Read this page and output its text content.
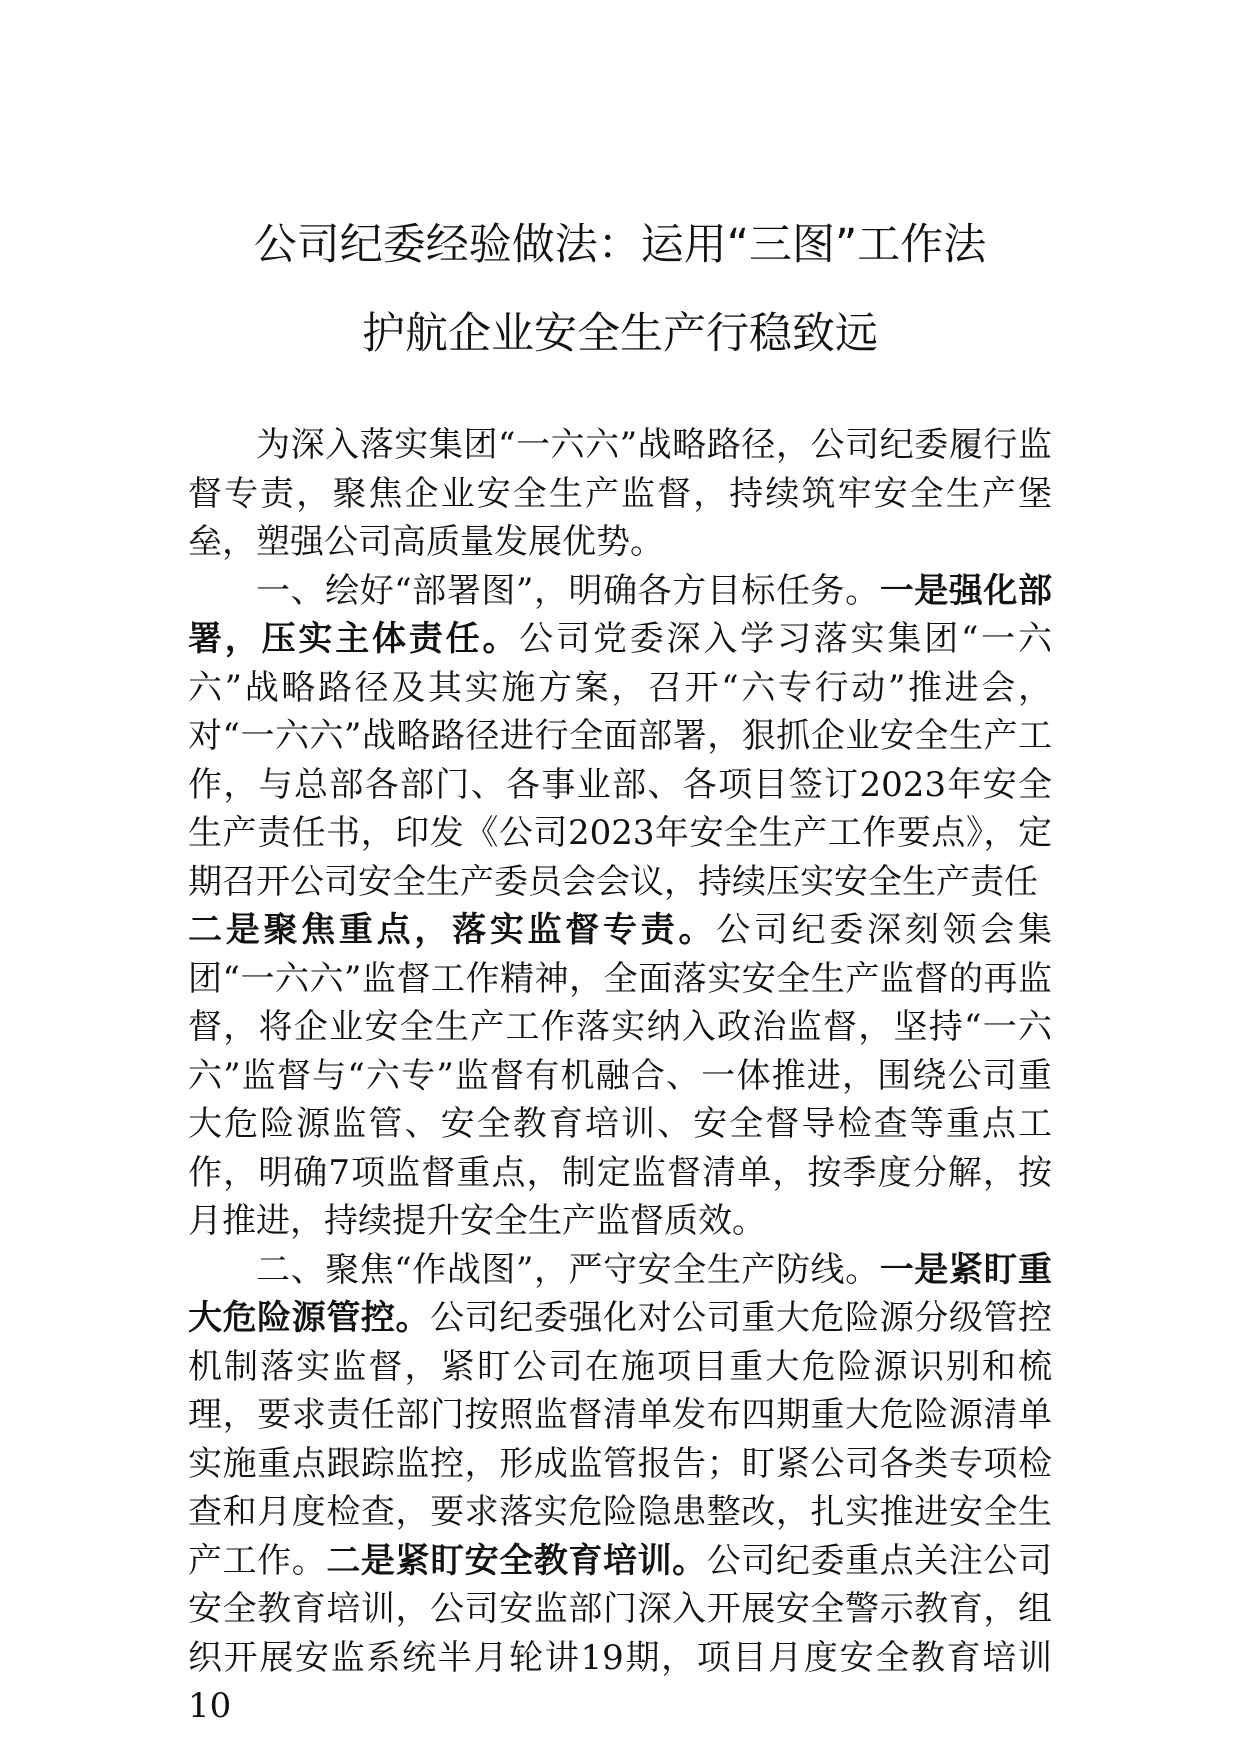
公司纪委经验做法：运用“三图”工作法
护航企业安全生产行稳致远

为深入落实集团“一六六”战略路径，公司纪委履行监督专责，聚焦企业安全生产监督，持续筑牢安全生产堡垒，塑强公司高质量发展优势。

一、绘好“部署图”，明确各方目标任务。一是强化部署，压实主体责任。公司党委深入学习落实集团“一六六”战略路径及其实施方案，召开“六专行动”推进会，对“一六六”战略路径进行全面部署，狠抓企业安全生产工作，与总部各部门、各事业部、各项目签订2023年安全生产责任书，印发《公司2023年安全生产工作要点》，定期召开公司安全生产委员会会议，持续压实安全生产责任
二是聚焦重点，落实监督专责。公司纪委深刻领会集团“一六六”监督工作精神，全面落实安全生产监督的再监督，将企业安全生产工作落实纳入政治监督，坚持“一六六”监督与“六专”监督有机融合、一体推进，围绕公司重大危险源监管、安全教育培训、安全督导检查等重点工作，明确7项监督重点，制定监督清单，按季度分解，按月推进，持续提升安全生产监督质效。

二、聚焦“作战图”，严守安全生产防线。一是紧盯重大危险源管控。公司纪委强化对公司重大危险源分级管控机制落实监督，紧盯公司在施项目重大危险源识别和梳理，要求责任部门按照监督清单发布四期重大危险源清单实施重点跟踪监控，形成监管报告；盯紧公司各类专项检查和月度检查，要求落实危险隐患整改，扎实推进安全生产工作。二是紧盯安全教育培训。公司纪委重点关注公司安全教育培训，公司安监部门深入开展安全警示教育，组织开展安监系统半月轮讲19期，项目月度安全教育培训10
